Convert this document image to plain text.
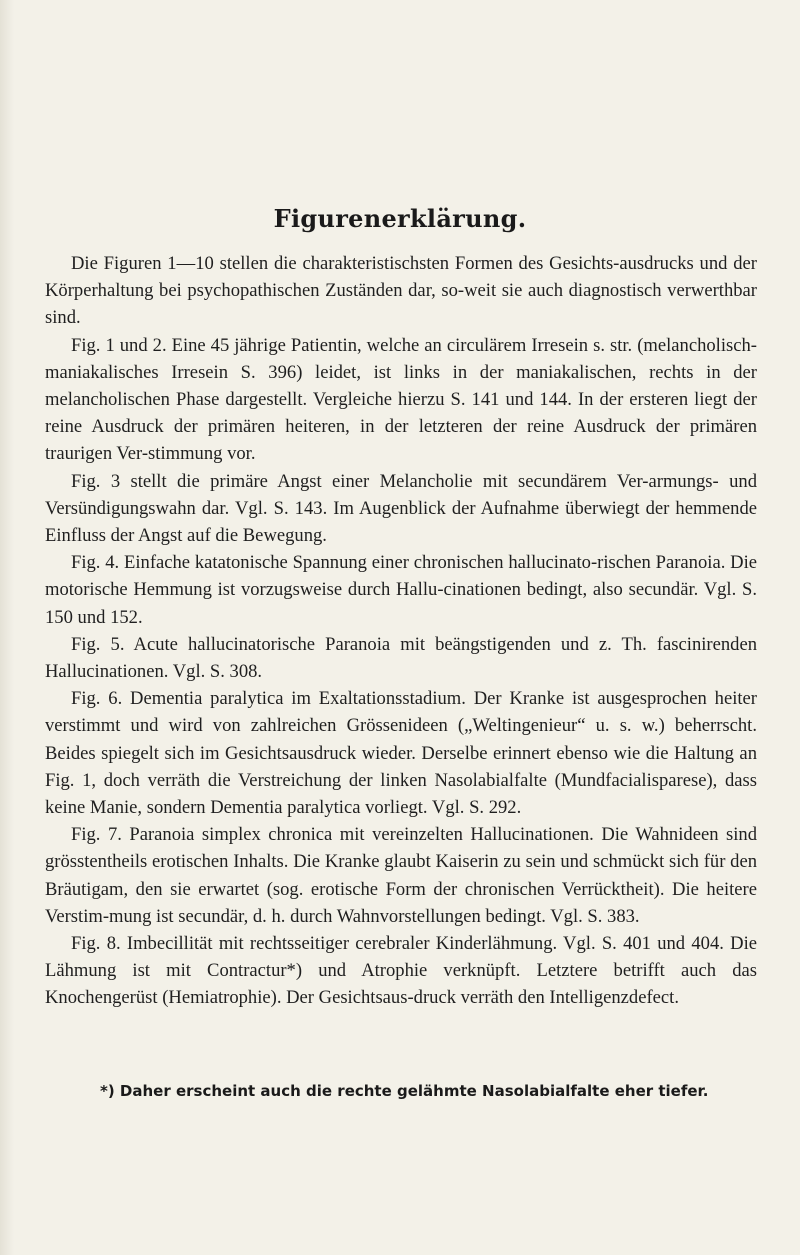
Figurenerklärung.

Die Figuren 1—10 stellen die charakteristischsten Formen des Gesichts-ausdrucks und der Körperhaltung bei psychopathischen Zuständen dar, so-weit sie auch diagnostisch verwerthbar sind.

Fig. 1 und 2. Eine 45 jährige Patientin, welche an circulärem Irresein s. str. (melancholisch-maniakalisches Irresein S. 396) leidet, ist links in der maniakalischen, rechts in der melancholischen Phase dargestellt. Vergleiche hierzu S. 141 und 144. In der ersteren liegt der reine Ausdruck der primären heiteren, in der letzteren der reine Ausdruck der primären traurigen Ver-stimmung vor.

Fig. 3 stellt die primäre Angst einer Melancholie mit secundärem Ver-armungs- und Versündigungswahn dar. Vgl. S. 143. Im Augenblick der Aufnahme überwiegt der hemmende Einfluss der Angst auf die Bewegung.

Fig. 4. Einfache katatonische Spannung einer chronischen hallucinato-rischen Paranoia. Die motorische Hemmung ist vorzugsweise durch Hallu-cinationen bedingt, also secundär. Vgl. S. 150 und 152.

Fig. 5. Acute hallucinatorische Paranoia mit beängstigenden und z. Th. fascinirenden Hallucinationen. Vgl. S. 308.

Fig. 6. Dementia paralytica im Exaltationsstadium. Der Kranke ist ausgesprochen heiter verstimmt und wird von zahlreichen Grössenideen („Weltingenieur“ u. s. w.) beherrscht. Beides spiegelt sich im Gesichtsausdruck wieder. Derselbe erinnert ebenso wie die Haltung an Fig. 1, doch verräth die Verstreichung der linken Nasolabialfalte (Mundfacialisparese), dass keine Manie, sondern Dementia paralytica vorliegt. Vgl. S. 292.

Fig. 7. Paranoia simplex chronica mit vereinzelten Hallucinationen. Die Wahnideen sind grösstentheils erotischen Inhalts. Die Kranke glaubt Kaiserin zu sein und schmückt sich für den Bräutigam, den sie erwartet (sog. erotische Form der chronischen Verrücktheit). Die heitere Verstim-mung ist secundär, d. h. durch Wahnvorstellungen bedingt. Vgl. S. 383.

Fig. 8. Imbecillität mit rechtsseitiger cerebraler Kinderlähmung. Vgl. S. 401 und 404. Die Lähmung ist mit Contractur*) und Atrophie verknüpft. Letztere betrifft auch das Knochengerüst (Hemiatrophie). Der Gesichtsaus-druck verräth den Intelligenzdefect.

*) Daher erscheint auch die rechte gelähmte Nasolabialfalte eher tiefer.
